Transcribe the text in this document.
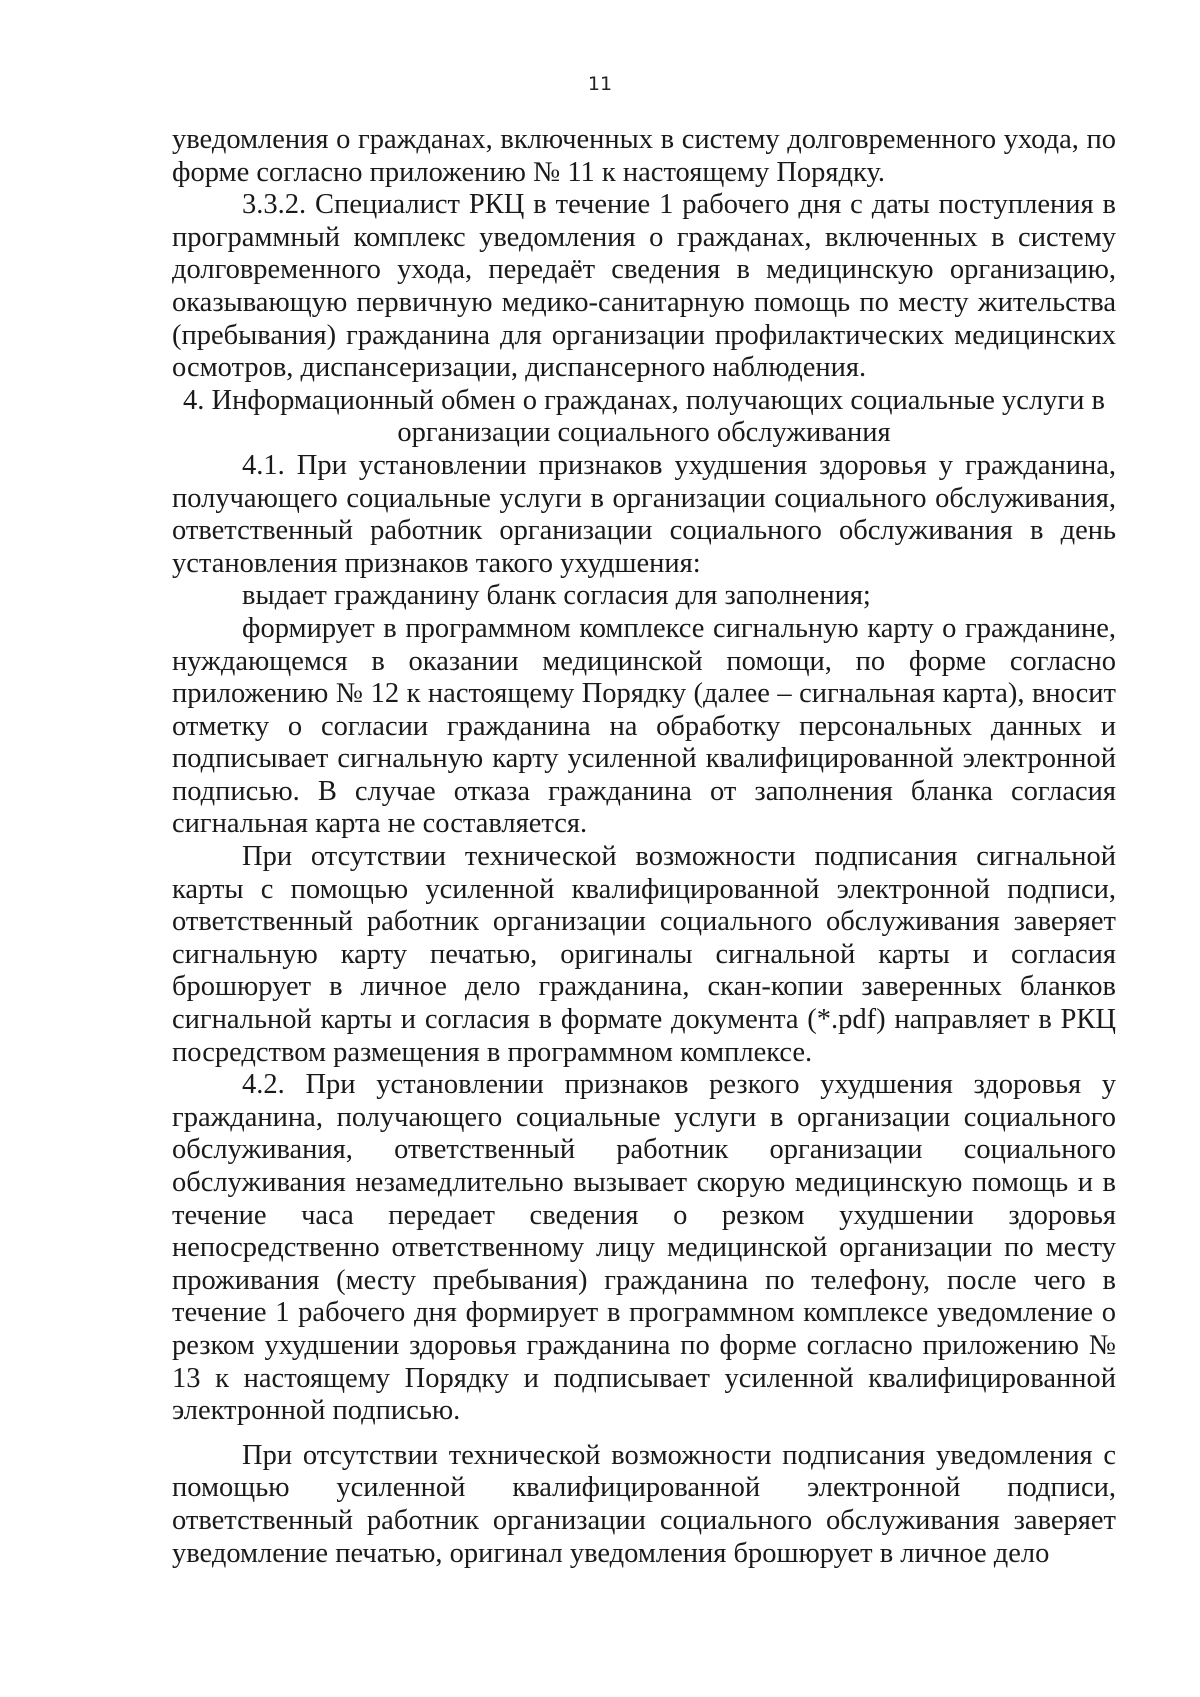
11

уведомления о гражданах, включенных в систему долговременного ухода, по форме согласно приложению № 11 к настоящему Порядку.

3.3.2. Специалист РКЦ в течение 1 рабочего дня с даты поступления в программный комплекс уведомления о гражданах, включенных в систему долговременного ухода, передаёт сведения в медицинскую организацию, оказывающую первичную медико-санитарную помощь по месту жительства (пребывания) гражданина для организации профилактических медицинских осмотров, диспансеризации, диспансерного наблюдения.

4. Информационный обмен о гражданах, получающих социальные услуги в организации социального обслуживания

4.1. При установлении признаков ухудшения здоровья у гражданина, получающего социальные услуги в организации социального обслуживания, ответственный работник организации социального обслуживания в день установления признаков такого ухудшения:

выдает гражданину бланк согласия для заполнения;

формирует в программном комплексе сигнальную карту о гражданине, нуждающемся в оказании медицинской помощи, по форме согласно приложению № 12 к настоящему Порядку (далее – сигнальная карта), вносит отметку о согласии гражданина на обработку персональных данных и подписывает сигнальную карту усиленной квалифицированной электронной подписью. В случае отказа гражданина от заполнения бланка согласия сигнальная карта не составляется.

При отсутствии технической возможности подписания сигнальной карты с помощью усиленной квалифицированной электронной подписи, ответственный работник организации социального обслуживания заверяет сигнальную карту печатью, оригиналы сигнальной карты и согласия брошюрует в личное дело гражданина, скан-копии заверенных бланков сигнальной карты и согласия в формате документа (*.pdf) направляет в РКЦ посредством размещения в программном комплексе.

4.2. При установлении признаков резкого ухудшения здоровья у гражданина, получающего социальные услуги в организации социального обслуживания, ответственный работник организации социального обслуживания незамедлительно вызывает скорую медицинскую помощь и в течение часа передает сведения о резком ухудшении здоровья непосредственно ответственному лицу медицинской организации по месту проживания (месту пребывания) гражданина по телефону, после чего в течение 1 рабочего дня формирует в программном комплексе уведомление о резком ухудшении здоровья гражданина по форме согласно приложению № 13 к настоящему Порядку и подписывает усиленной квалифицированной электронной подписью.

При отсутствии технической возможности подписания уведомления с помощью усиленной квалифицированной электронной подписи, ответственный работник организации социального обслуживания заверяет уведомление печатью, оригинал уведомления брошюрует в личное дело
